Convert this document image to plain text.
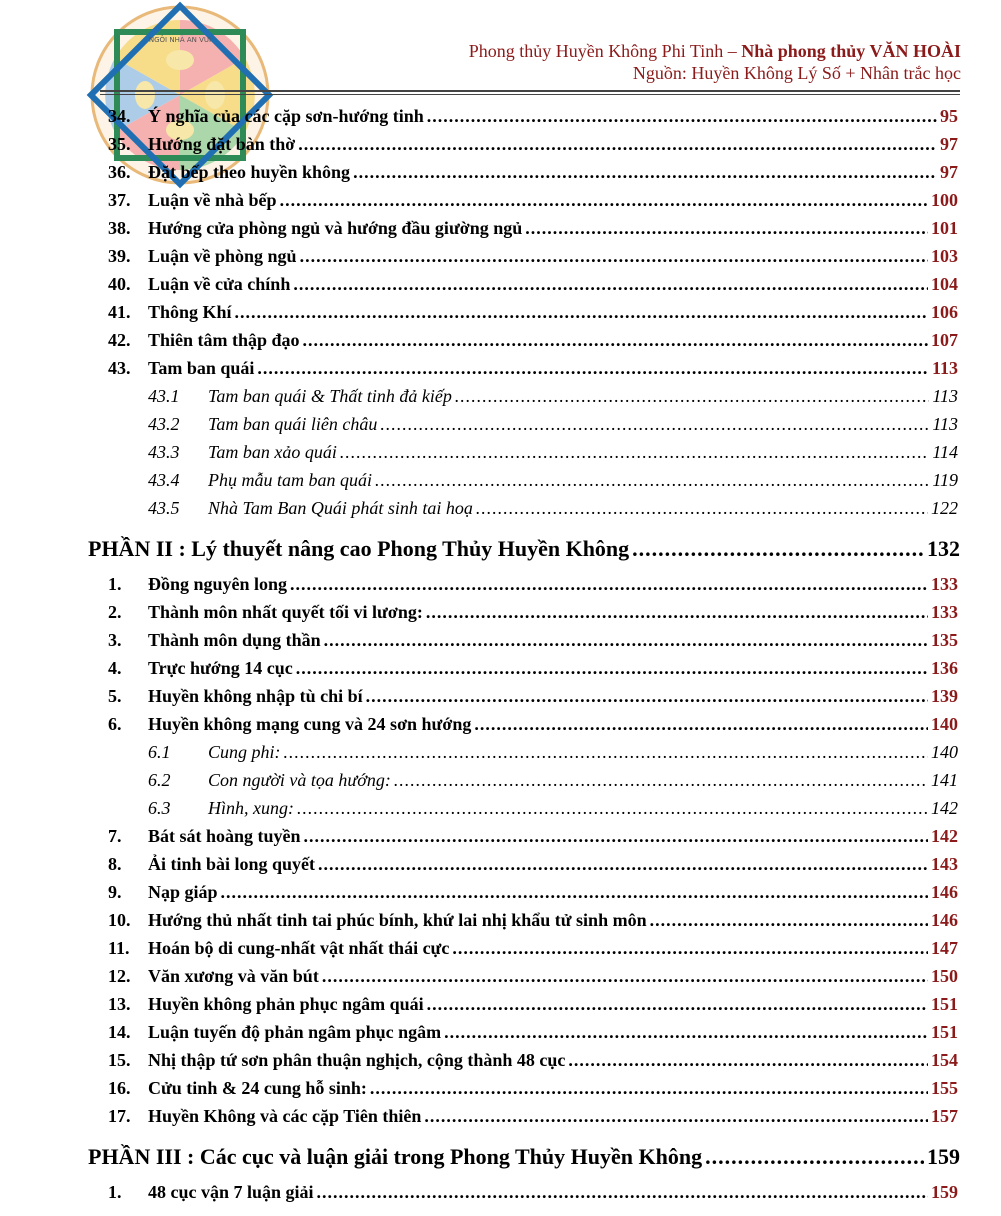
NGÔI NHÀ AN VUI
Phong thủy Huyền Không Phi Tinh – Nhà phong thủy VĂN HOÀI
Nguồn: Huyền Không Lý Số + Nhân trắc học
34. Ý nghĩa của các cặp sơn-hướng tinh .....	95
35. Hướng đặt bàn thờ .....	97
36. Đặt bếp theo huyền không .....	97
37. Luận về nhà bếp .....	100
38. Hướng cửa phòng ngủ và hướng đầu giường ngủ .....	101
39. Luận về phòng ngủ .....	103
40. Luận về cửa chính .....	104
41. Thông Khí .....	106
42. Thiên tâm thập đạo .....	107
43. Tam ban quái .....	113
43.1 Tam ban quái & Thất tinh đả kiếp .....	113
43.2 Tam ban quái liên châu .....	113
43.3 Tam ban xảo quái .....	114
43.4 Phụ mẫu tam ban quái .....	119
43.5 Nhà Tam Ban Quái phát sinh tai hoạ .....	122
PHẦN II : Lý thuyết nâng cao Phong Thủy Huyền Không .....	132
1. Đồng nguyên long .....	133
2. Thành môn nhất quyết tối vi lương: .....	133
3. Thành môn dụng thần .....	135
4. Trực hướng 14 cục .....	136
5. Huyền không nhập tù chi bí .....	139
6. Huyền không mạng cung và 24 sơn hướng .....	140
6.1 Cung phi: .....	140
6.2 Con người và tọa hướng: .....	141
6.3 Hình, xung: .....	142
7. Bát sát hoàng tuyền .....	142
8. Ải tinh bài long quyết .....	143
9. Nạp giáp .....	146
10. Hướng thủ nhất tinh tai phúc bính, khứ lai nhị khẩu tử sinh môn .....	146
11. Hoán bộ di cung-nhất vật nhất thái cực .....	147
12. Văn xương và văn bút .....	150
13. Huyền không phản phục ngâm quái .....	151
14. Luận tuyến độ phản ngâm phục ngâm .....	151
15. Nhị thập tứ sơn phân thuận nghịch, cộng thành 48 cục .....	154
16. Cửu tinh & 24 cung hỗ sinh: .....	155
17. Huyền Không và các cặp Tiên thiên .....	157
PHẦN III : Các cục và luận giải trong Phong Thủy Huyền Không .....	159
1. 48 cục vận 7 luận giải .....	159
